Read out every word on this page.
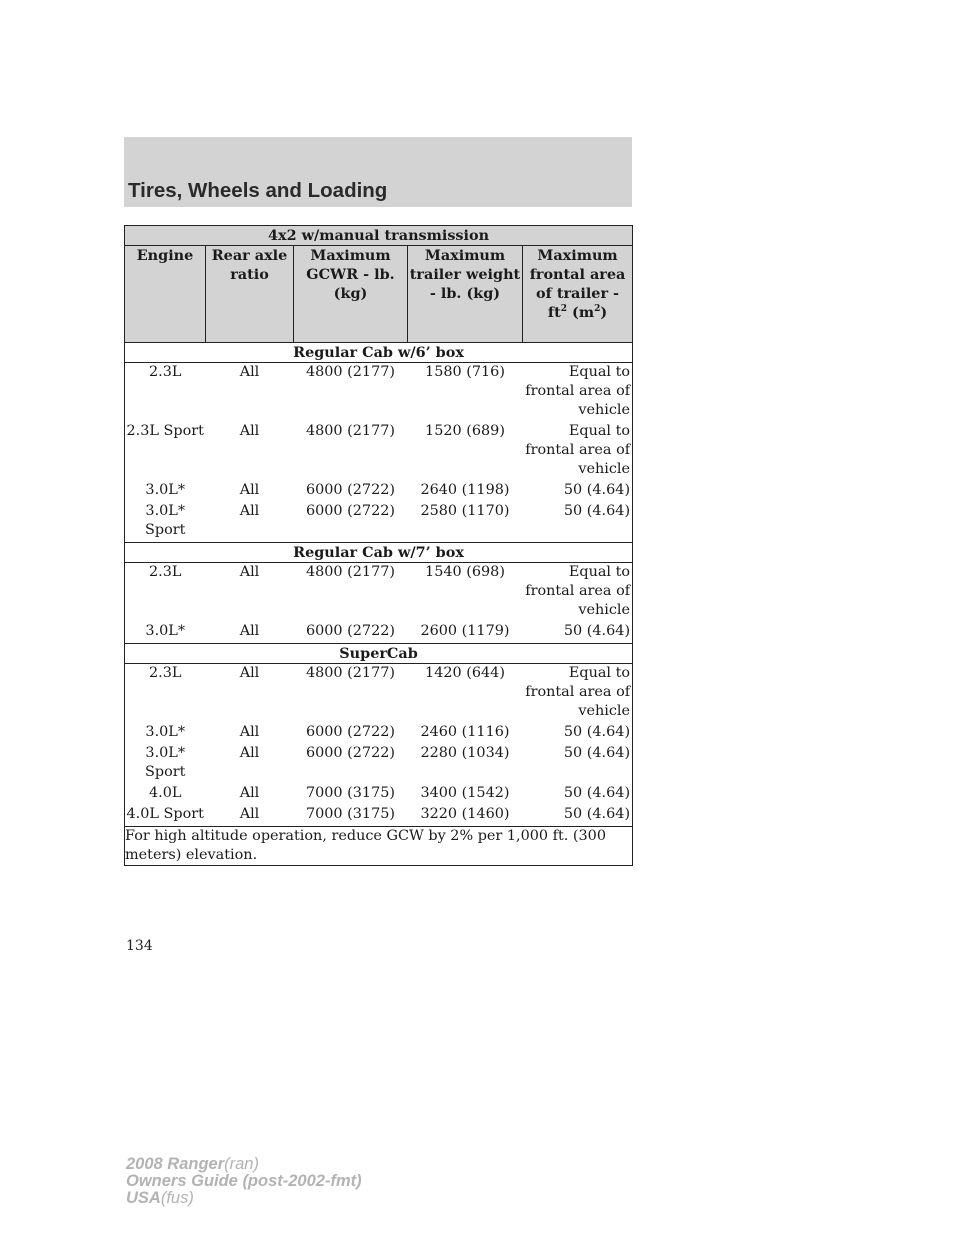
Tires, Wheels and Loading
4x2 w/manual transmission				
Engine	Rear axle ratio	Maximum GCWR - lb. (kg)	Maximum trailer weight - lb. (kg)	Maximum frontal area of trailer -
$ft^2$ $(m^2)$
Regular Cab w/6’ box				
2.3L	All	4800 (2177)	1580 (716)	Equal to frontal area of vehicle
2.3L Sport	All	4800 (2177)	1520 (689)	Equal to frontal area of vehicle
3.0L*	All	6000 (2722)	2640 (1198)	50 (4.64)
3.0L* Sport	All	6000 (2722)	2580 (1170)	50 (4.64)
Regular Cab w/7’ box				
2.3L	All	4800 (2177)	1540 (698)	Equal to frontal area of vehicle
3.0L*	All	6000 (2722)	2600 (1179)	50 (4.64)
SuperCab				
2.3L	All	4800 (2177)	1420 (644)	Equal to frontal area of vehicle
3.0L*	All	6000 (2722)	2460 (1116)	50 (4.64)
3.0L* Sport	All	6000 (2722)	2280 (1034)	50 (4.64)
4.0L	All	7000 (3175)	3400 (1542)	50 (4.64)
4.0L Sport	All	7000 (3175)	3220 (1460)	50 (4.64)
For high altitude operation, reduce GCW by 2% per 1,000 ft. (300 meters) elevation.				
134
2008 Ranger(ran)
Owners Guide (post-2002-fmt)
USA(fus)
